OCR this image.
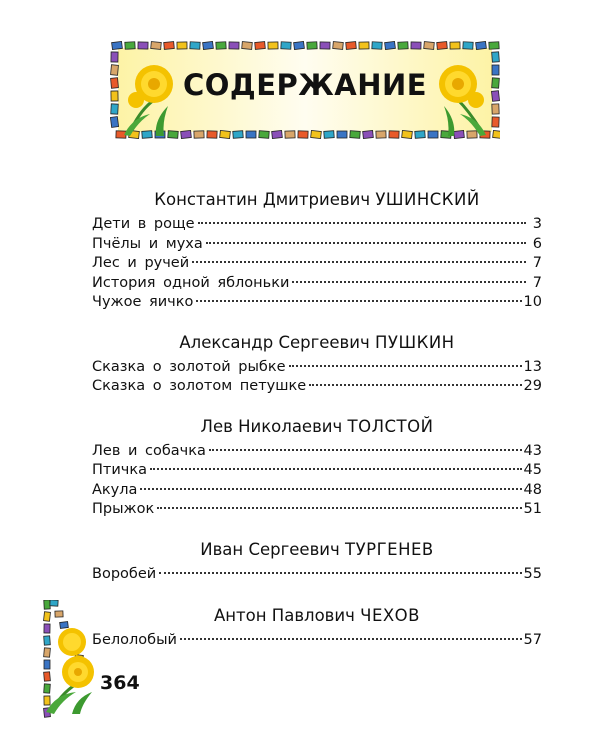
СОДЕРЖАНИЕ
Константин Дмитриевич УШИНСКИЙ
Дети в роще	3
Пчёлы и муха	6
Лес и ручей	7
История одной яблоньки	7
Чужое яичко	10
Александр Сергеевич ПУШКИН
Сказка о золотой рыбке	13
Сказка о золотом петушке	29
Лев Николаевич ТОЛСТОЙ
Лев и собачка	43
Птичка	45
Акула	48
Прыжок	51
Иван Сергеевич ТУРГЕНЕВ
Воробей	55
Антон Павлович ЧЕХОВ
Белолобый	57
364
